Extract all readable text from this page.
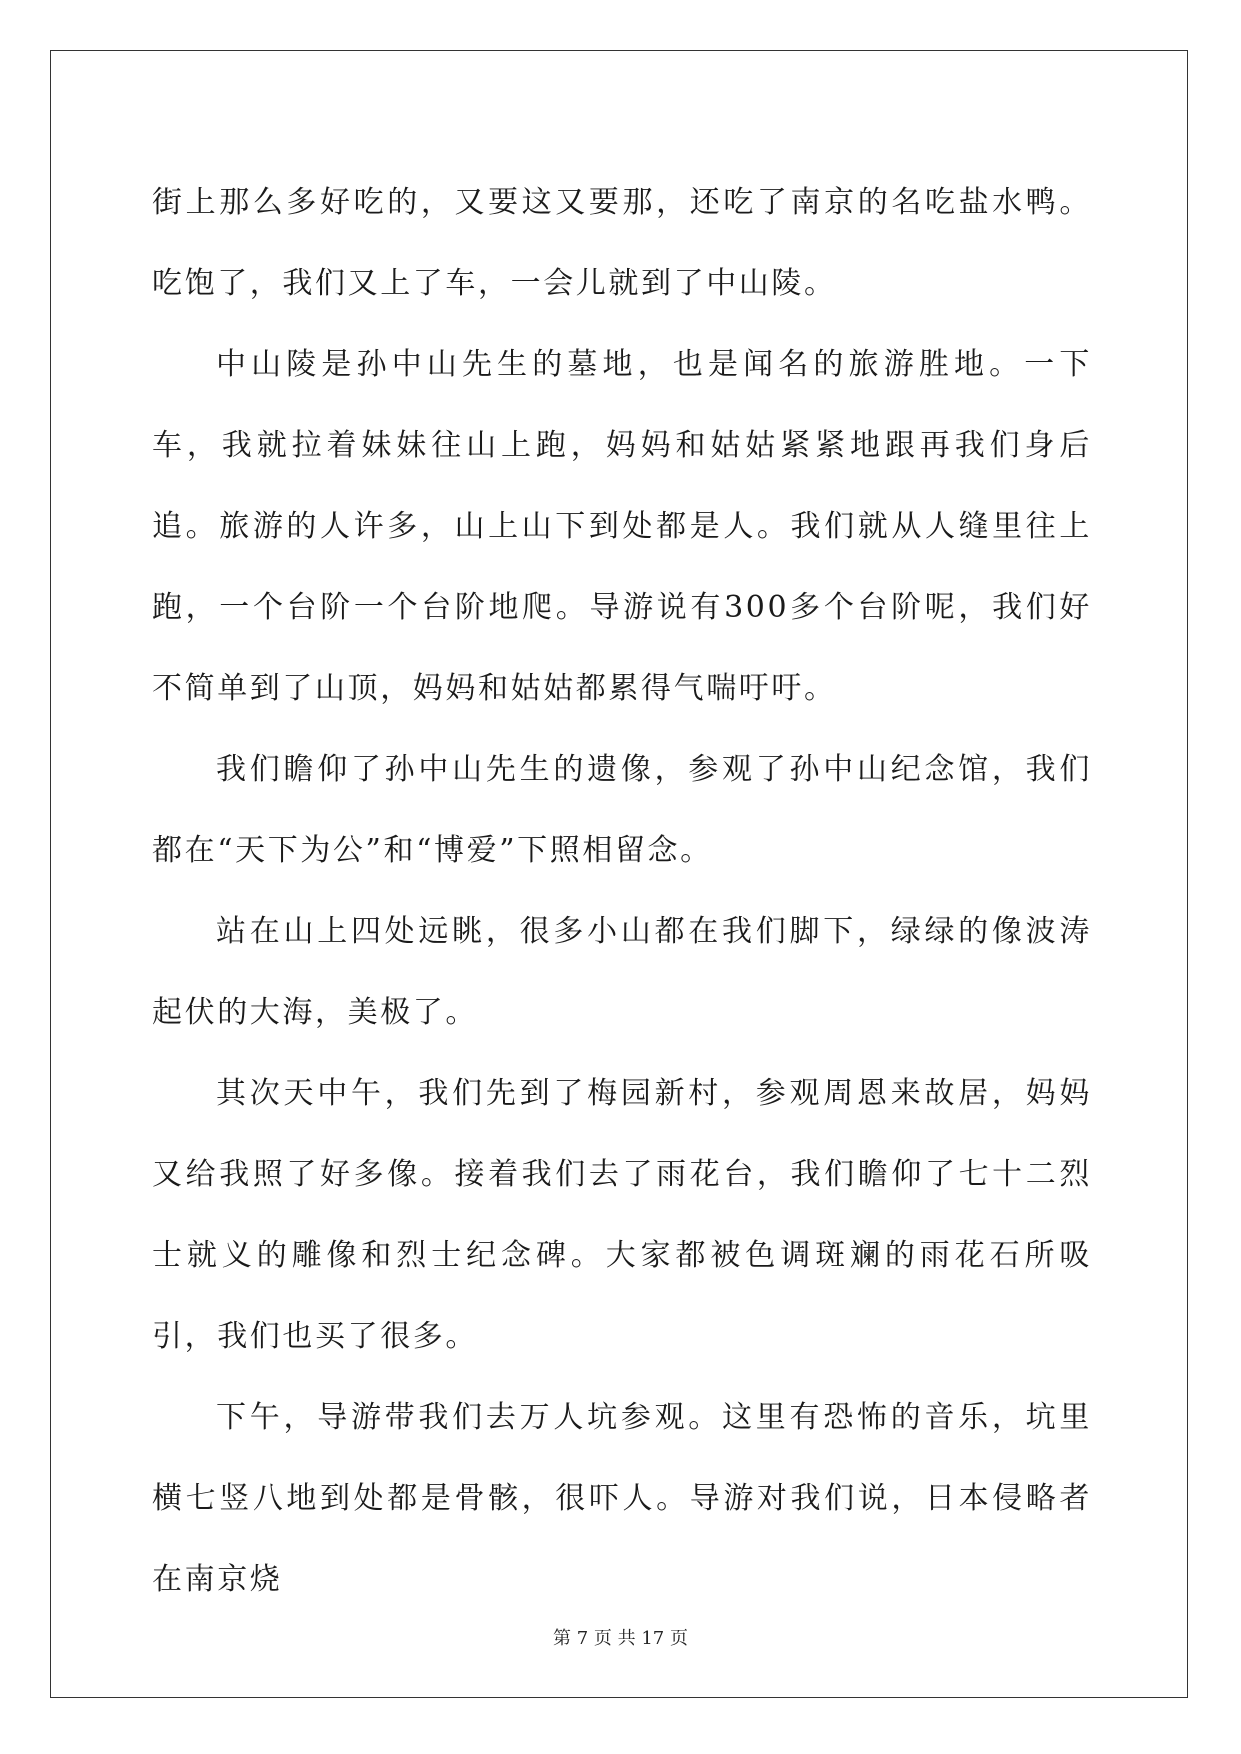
街上那么多好吃的，又要这又要那，还吃了南京的名吃盐水鸭。吃饱了，我们又上了车，一会儿就到了中山陵。

中山陵是孙中山先生的墓地，也是闻名的旅游胜地。一下车，我就拉着妹妹往山上跑，妈妈和姑姑紧紧地跟再我们身后追。旅游的人许多，山上山下到处都是人。我们就从人缝里往上跑，一个台阶一个台阶地爬。导游说有300多个台阶呢，我们好不简单到了山顶，妈妈和姑姑都累得气喘吁吁。

我们瞻仰了孙中山先生的遗像，参观了孙中山纪念馆，我们都在“天下为公”和“博爱”下照相留念。

站在山上四处远眺，很多小山都在我们脚下，绿绿的像波涛起伏的大海，美极了。

其次天中午，我们先到了梅园新村，参观周恩来故居，妈妈又给我照了好多像。接着我们去了雨花台，我们瞻仰了七十二烈士就义的雕像和烈士纪念碑。大家都被色调斑斓的雨花石所吸引，我们也买了很多。

下午，导游带我们去万人坑参观。这里有恐怖的音乐，坑里横七竖八地到处都是骨骸，很吓人。导游对我们说，日本侵略者在南京烧

第 7 页 共 17 页
